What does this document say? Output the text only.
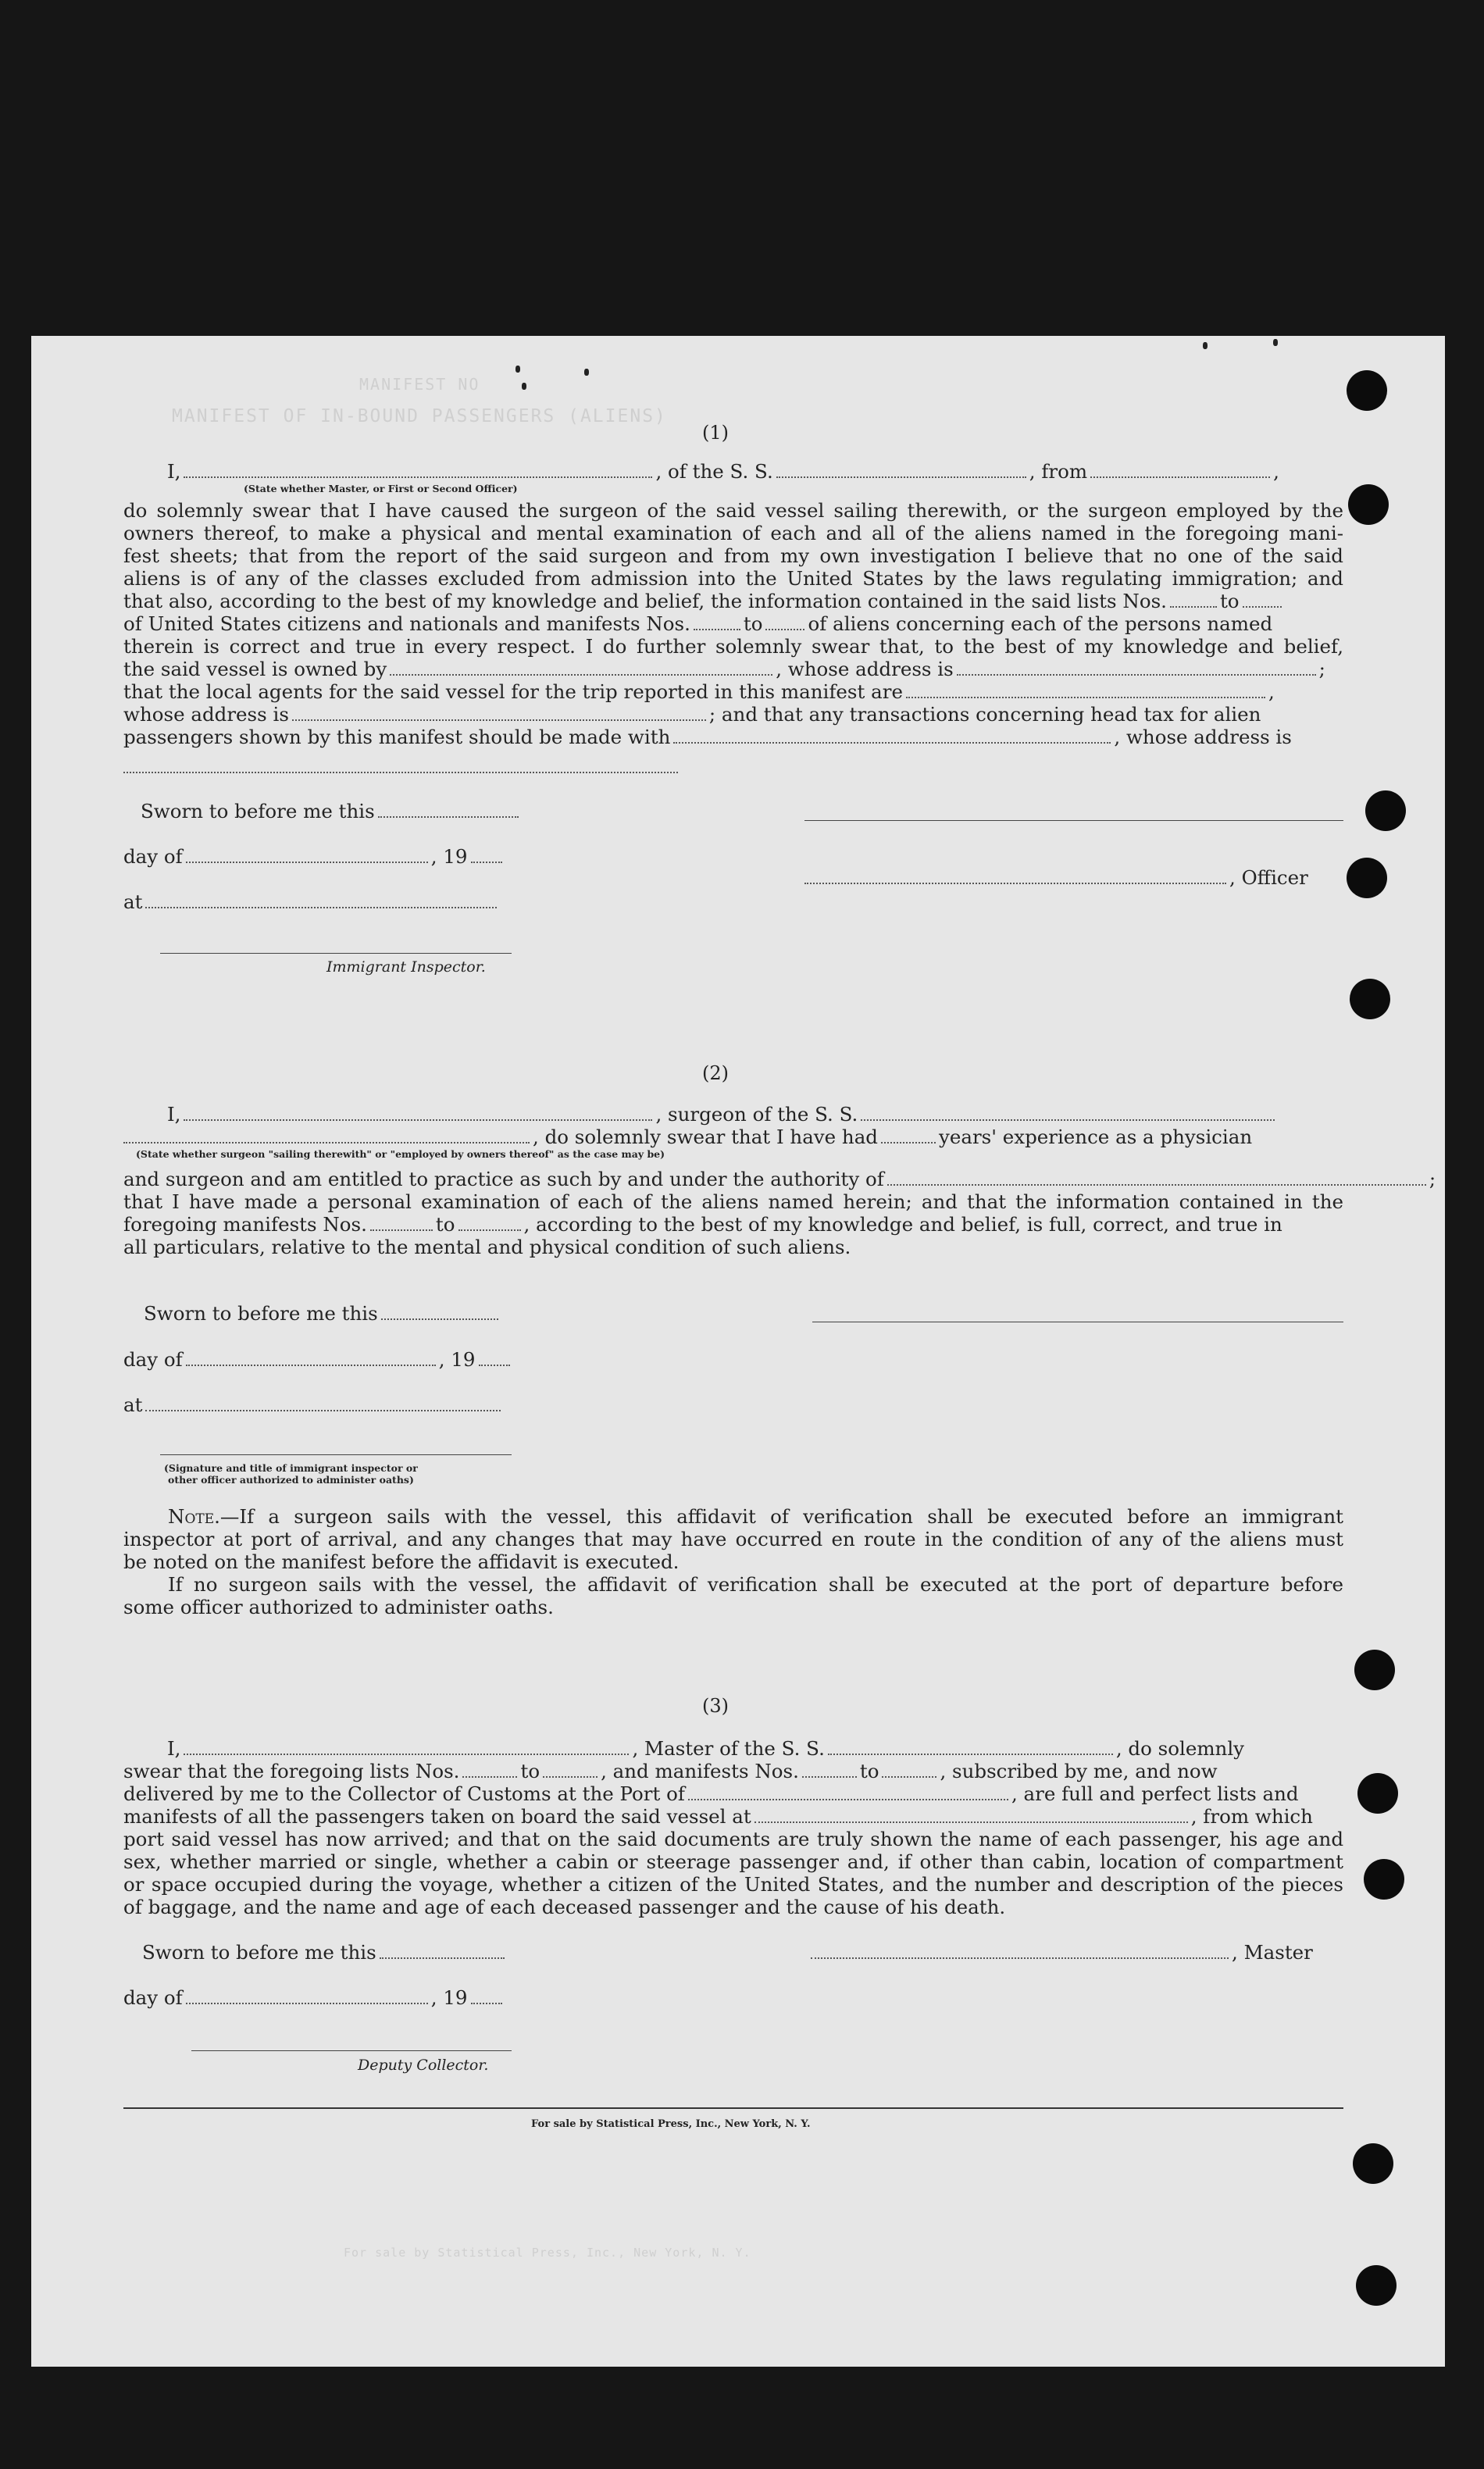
MANIFEST NO
MANIFEST OF IN-BOUND PASSENGERS (ALIENS)
(1)
I,	, of the S. S.	, from	,
(State whether Master, or First or Second Officer)
do solemnly swear that I have caused the surgeon of the said vessel sailing therewith, or the surgeon employed by the
owners thereof, to make a physical and mental examination of each and all of the aliens named in the foregoing mani-
fest sheets; that from the report of the said surgeon and from my own investigation I believe that no one of the said
aliens is of any of the classes excluded from admission into the United States by the laws regulating immigration; and
that also, according to the best of my knowledge and belief, the information contained in the said lists Nos.	to
of United States citizens and nationals and manifests Nos.	to of aliens concerning each of the persons named
therein is correct and true in every respect. I do further solemnly swear that, to the best of my knowledge and belief,
the said vessel is owned by	, whose address is	;
that the local agents for the said vessel for the trip reported in this manifest are	,
whose address is	; and that any transactions concerning head tax for alien
passengers shown by this manifest should be made with	, whose address is
Sworn to before me this
day of	, 19
, Officer
at
Immigrant Inspector.
(2)
I,	, surgeon of the S. S.
, do solemnly swear that I have had	years' experience as a physician
(State whether surgeon "sailing therewith" or "employed by owners thereof" as the case may be)
and surgeon and am entitled to practice as such by and under the authority of	;
that I have made a personal examination of each of the aliens named herein; and that the information contained in the
foregoing manifests Nos.	to	, according to the best of my knowledge and belief, is full, correct, and true in
all particulars, relative to the mental and physical condition of such aliens.
Sworn to before me this
day of	, 19
at
(Signature and title of immigrant inspector or
other officer authorized to administer oaths)
Note.—If a surgeon sails with the vessel, this affidavit of verification shall be executed before an immigrant
inspector at port of arrival, and any changes that may have occurred en route in the condition of any of the aliens must
be noted on the manifest before the affidavit is executed.
If no surgeon sails with the vessel, the affidavit of verification shall be executed at the port of departure before
some officer authorized to administer oaths.
(3)
I,	, Master of the S. S.	, do solemnly
swear that the foregoing lists Nos.	to	, and manifests Nos.	to	, subscribed by me, and now
delivered by me to the Collector of Customs at the Port of	, are full and perfect lists and
manifests of all the passengers taken on board the said vessel at	, from which
port said vessel has now arrived; and that on the said documents are truly shown the name of each passenger, his age and
sex, whether married or single, whether a cabin or steerage passenger and, if other than cabin, location of compartment
or space occupied during the voyage, whether a citizen of the United States, and the number and description of the pieces
of baggage, and the name and age of each deceased passenger and the cause of his death.
Sworn to before me this	, Master
day of	, 19
Deputy Collector.
For sale by Statistical Press, Inc., New York, N. Y.
For sale by Statistical Press, Inc., New York, N. Y.
